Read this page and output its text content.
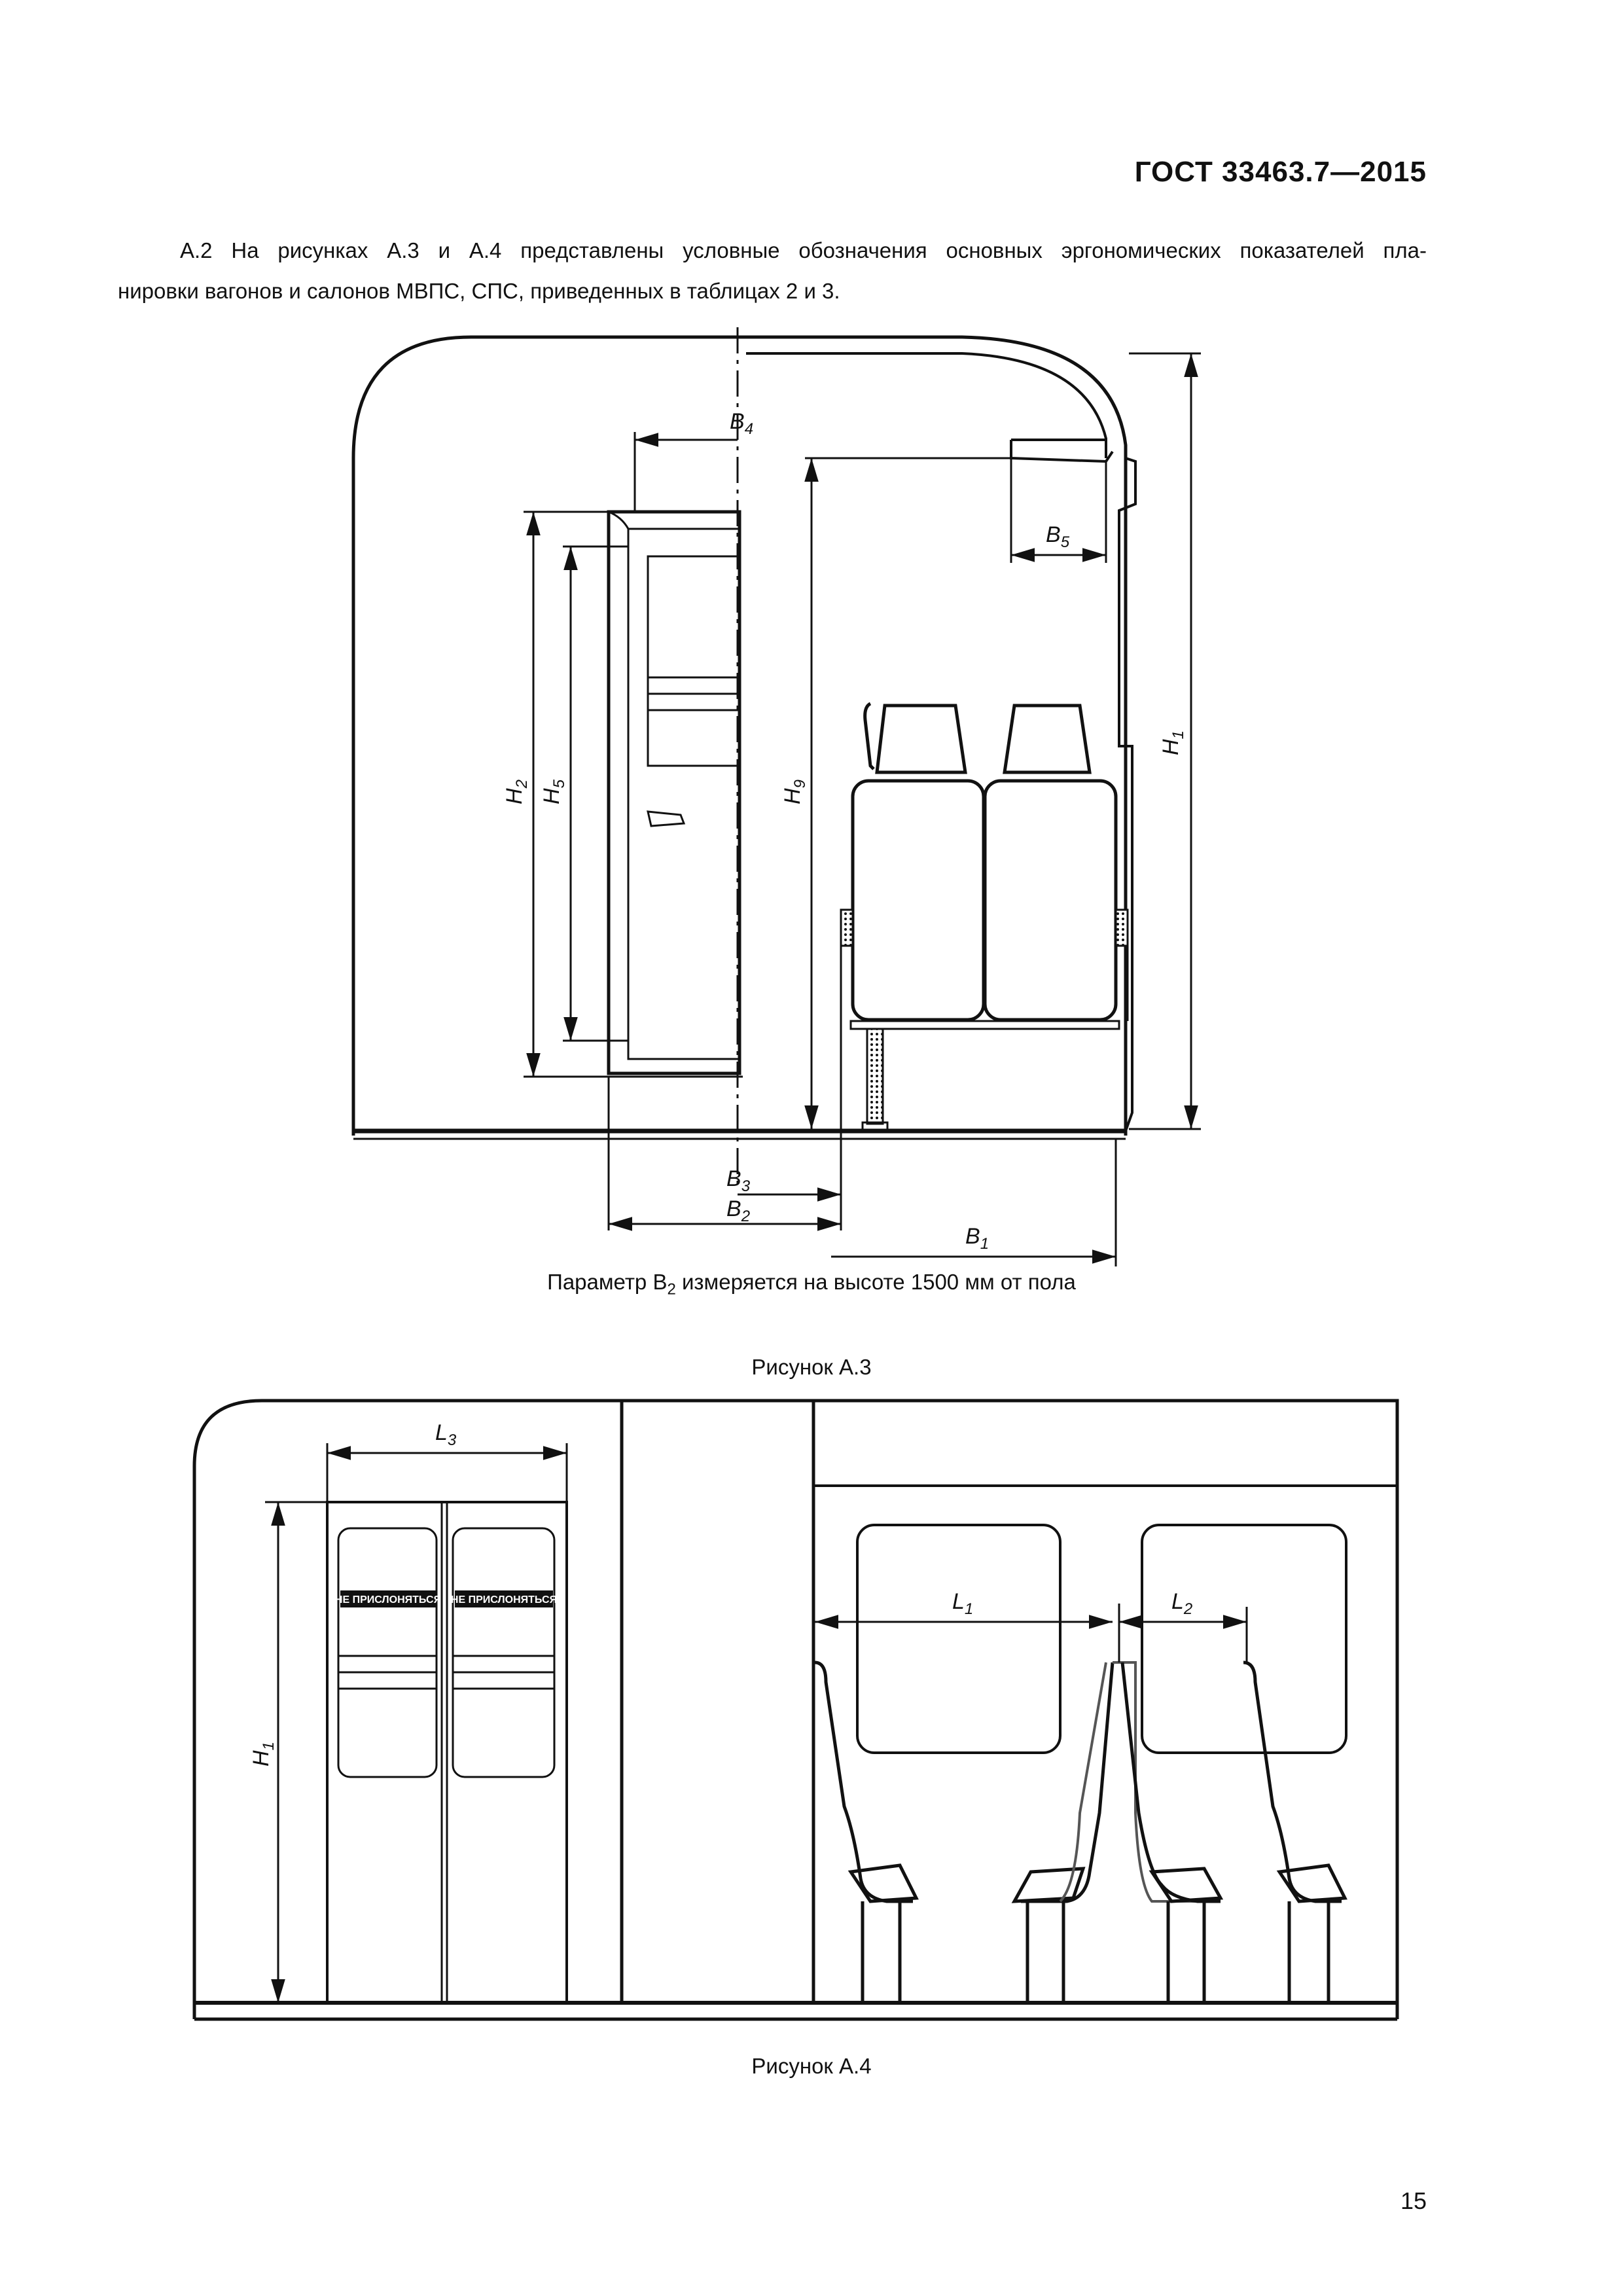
ГОСТ 33463.7—2015
А.2 На рисунках А.3 и А.4 представлены условные обозначения основных эргономических показателей пла-
нировки вагонов и салонов МВПС, СПС, приведенных в таблицах 2 и 3.
$H_1$
$H_9$
$H_2$
$H_5$
$B_4$
$B_5$
$B_3$
$B_2$
$B_1$
Параметр $В_2$ измеряется на высоте 1500 мм от пола
Рисунок А.3
НЕ ПРИСЛОНЯТЬСЯ НЕ ПРИСЛОНЯТЬСЯ
$L_3$
$H_1$
$L_1$	$L_2$
Рисунок А.4
15
